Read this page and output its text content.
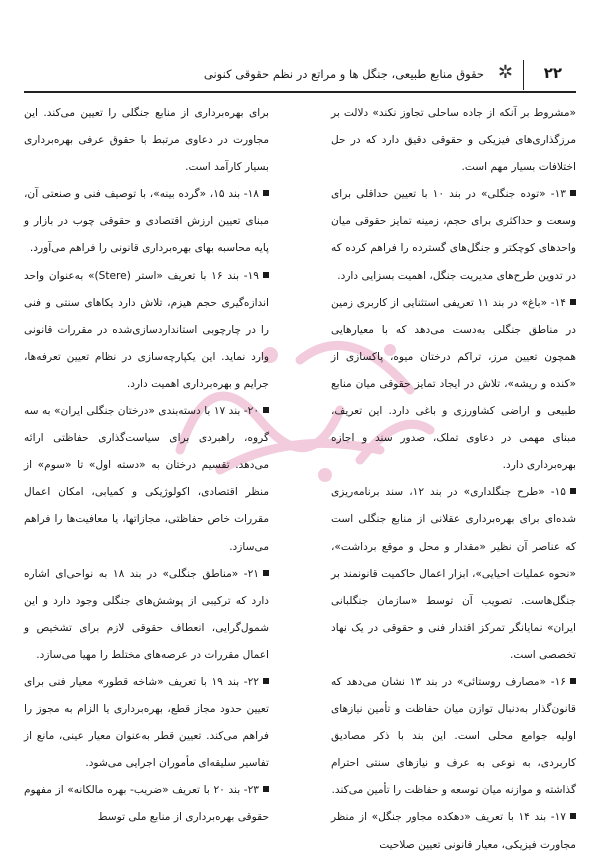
۲۲
✲
حقوق منابع طبیعی، جنگل ها و مراتع در نظم حقوقی کنونی

«مشروط بر آنکه از جاده ساحلی تجاوز نکند» دلالت بر مرزگذاری‌های فیزیکی و حقوقی دقیق دارد که در حل اختلافات بسیار مهم است.

۱۳- «توده جنگلی» در بند ۱۰ با تعیین حداقلی برای وسعت و حداکثری برای حجم، زمینه تمایز حقوقی میان واحدهای کوچکتر و جنگل‌های گسترده را فراهم کرده که در تدوین طرح‌های مدیریت جنگل، اهمیت بسزایی دارد.

۱۴- «باغ» در بند ۱۱ تعریفی استثنایی از کاربری زمین در مناطق جنگلی به‌دست می‌دهد که با معیارهایی همچون تعیین مرز، تراکم درختان میوه، پاکسازی از «کنده و ریشه»، تلاش در ایجاد تمایز حقوقی میان منابع طبیعی و اراضی کشاورزی و باغی دارد. این تعریف، مبنای مهمی در دعاوی تملک، صدور سند و اجازه بهره‌برداری دارد.

۱۵- «طرح جنگلداری» در بند ۱۲، سند برنامه‌ریزی شده‌ای برای بهره‌برداری عقلانی از منابع جنگلی است که عناصر آن نظیر «مقدار و محل و موقع برداشت»، «نحوه عملیات احیایی»، ابزار اعمال حاکمیت قانونمند بر جنگل‌هاست. تصویب آن توسط «سازمان جنگلبانی ایران» نمایانگر تمرکز اقتدار فنی و حقوقی در یک نهاد تخصصی است.

۱۶- «مصارف روستائی» در بند ۱۳ نشان می‌دهد که قانون‌گذار به‌دنبال توازن میان حفاظت و تأمین نیازهای اولیه جوامع محلی است. این بند با ذکر مصادیق کاربردی، به نوعی به عرف و نیازهای سنتی احترام گذاشته و موازنه میان توسعه و حفاظت را تأمین می‌کند.

۱۷- بند ۱۴ با تعریف «دهکده مجاور جنگل» از منظر مجاورت فیزیکی، معیار قانونی تعیین صلاحیت

برای بهره‌برداری از منابع جنگلی را تعیین می‌کند. این مجاورت در دعاوی مرتبط با حقوق عرفی بهره‌برداری بسیار کارآمد است.

۱۸- بند ۱۵، «گرده بینه»، با توصیف فنی و صنعتی آن، مبنای تعیین ارزش اقتصادی و حقوقی چوب در بازار و پایه محاسبه بهای بهره‌برداری قانونی را فراهم می‌آورد.

۱۹- بند ۱۶ با تعریف «استر (Stere)» به‌عنوان واحد اندازه‌گیری حجم هیزم، تلاش دارد یکاهای سنتی و فنی را در چارچوبی استانداردسازی‌شده در مقررات قانونی وارد نماید. این یکپارچه‌سازی در نظام تعیین تعرفه‌ها، جرایم و بهره‌برداری اهمیت دارد.

۲۰- بند ۱۷ با دسته‌بندی «درختان جنگلی ایران» به سه گروه، راهبردی برای سیاست‌گذاری حفاظتی ارائه می‌دهد. تقسیم درختان به «دسته اول» تا «سوم» از منظر اقتصادی، اکولوژیکی و کمیابی، امکان اعمال مقررات خاص حفاظتی، مجازاتها، یا معافیت‌ها را فراهم می‌سازد.

۲۱- «مناطق جنگلی» در بند ۱۸ به نواحی‌ای اشاره دارد که ترکیبی از پوشش‌های جنگلی وجود دارد و این شمول‌گرایی، انعطاف حقوقی لازم برای تشخیص و اعمال مقررات در عرصه‌های مختلط را مهیا می‌سازد.

۲۲- بند ۱۹ با تعریف «شاخه قطور» معیار فنی برای تعیین حدود مجاز قطع، بهره‌برداری یا الزام به مجوز را فراهم می‌کند. تعیین قطر به‌عنوان معیار عینی، مانع از تفاسیر سلیقه‌ای مأموران اجرایی می‌شود.

۲۳- بند ۲۰ با تعریف «ضریب- بهره مالکانه» از مفهوم حقوقی بهره‌برداری از منابع ملی توسط
